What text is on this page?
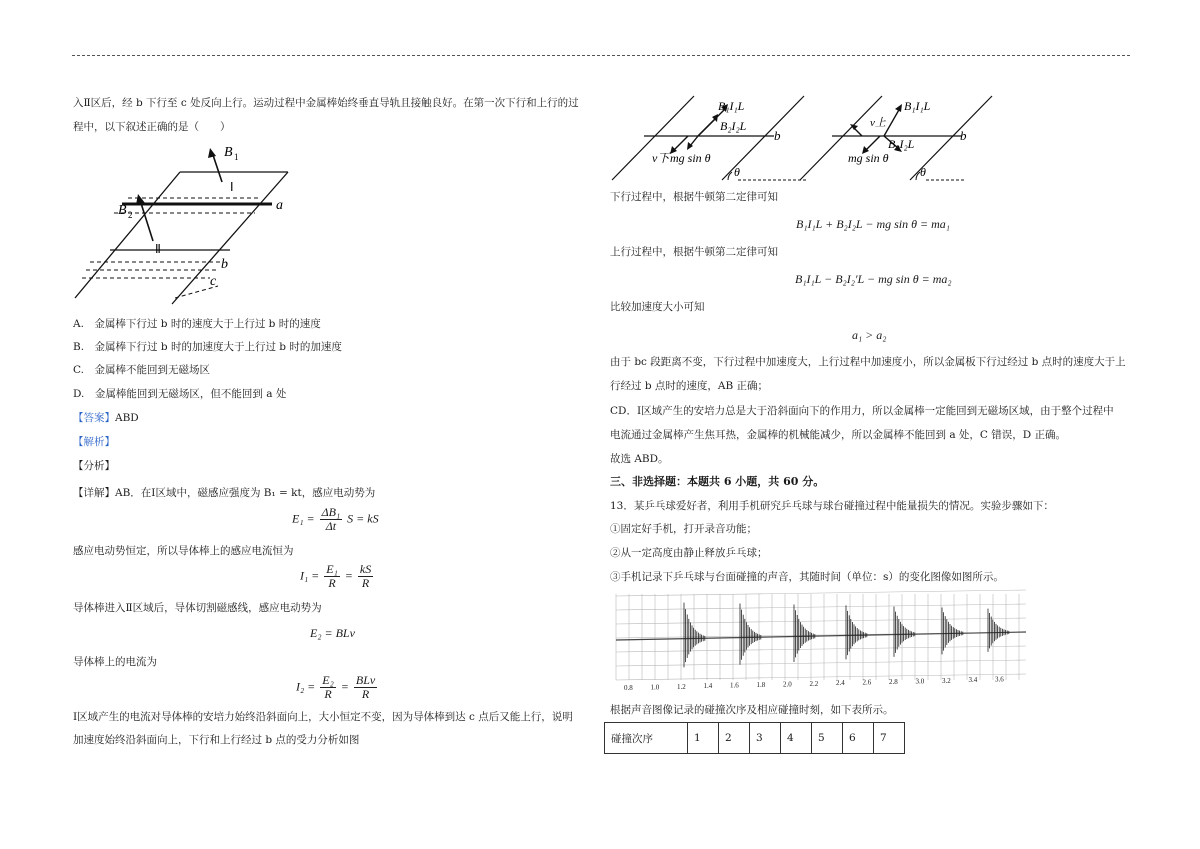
入Ⅱ区后，经 b 下行至 c 处反向上行。运动过程中金属棒始终垂直导轨且接触良好。在第一次下行和上行的过
程中，以下叙述正确的是（　　）
B 1
Ⅰ
B 2
a
Ⅱ
b
c
A.　金属棒下行过 b 时的速度大于上行过 b 时的速度
B.　金属棒下行过 b 时的加速度大于上行过 b 时的加速度
C.　金属棒不能回到无磁场区
D.　金属棒能回到无磁场区，但不能回到 a 处
【答案】ABD
【解析】
【分析】
【详解】AB．在Ⅰ区域中，磁感应强度为 B₁ = kt，感应电动势为
$E_1 = \frac{\text{ΔB₁}}{\Delta t}$ S = kS
感应电动势恒定，所以导体棒上的感应电流恒为
$I_1 = \frac{\text{E₁}}{R} = \frac{kS}{R}$
导体棒进入Ⅱ区域后，导体切割磁感线，感应电动势为
E₂ = BLv
导体棒上的电流为
$I_2 = \frac{\text{E₂}}{R} = \frac{\text{BLv}}{R}$
Ⅰ区域产生的电流对导体棒的安培力始终沿斜面向上，大小恒定不变，因为导体棒到达 c 点后又能上行，说明
加速度始终沿斜面向上，下行和上行经过 b 点的受力分析如图
B₁I₁L
B₂I₂L
v下 mg sin θ
b
θ
B₁I₁L
B₂I₂L
v上
mg sin θ
b
θ
下行过程中，根据牛顿第二定律可知
B₁I₁L + B₂I₂L − mg sin θ = ma₁
上行过程中，根据牛顿第二定律可知
B₁I₁L − B₂I₂′L − mg sin θ = ma₂
比较加速度大小可知
a₁ > a₂
由于 bc 段距离不变，下行过程中加速度大，上行过程中加速度小，所以金属板下行过经过 b 点时的速度大于上
行经过 b 点时的速度，AB 正确；
CD．Ⅰ区域产生的安培力总是大于沿斜面向下的作用力，所以金属棒一定能回到无磁场区域，由于整个过程中
电流通过金属棒产生焦耳热，金属棒的机械能减少，所以金属棒不能回到 a 处，C 错误，D 正确。
故选 ABD。
三、非选择题：本题共 6 小题，共 60 分。
13．某乒乓球爱好者，利用手机研究乒乓球与球台碰撞过程中能量损失的情况。实验步骤如下：
①固定好手机，打开录音功能；
②从一定高度由静止释放乒乓球；
③手机记录下乒乓球与台面碰撞的声音，其随时间（单位：s）的变化图像如图所示。
0.8	1.0	1.2	1.4	1.6	1.8	2.0	2.2	2.4	2.6	2.8	3.0	3.2	3.4	3.6
根据声音图像记录的碰撞次序及相应碰撞时刻，如下表所示。
碰撞次序	1	2	3	4	5	6	7
